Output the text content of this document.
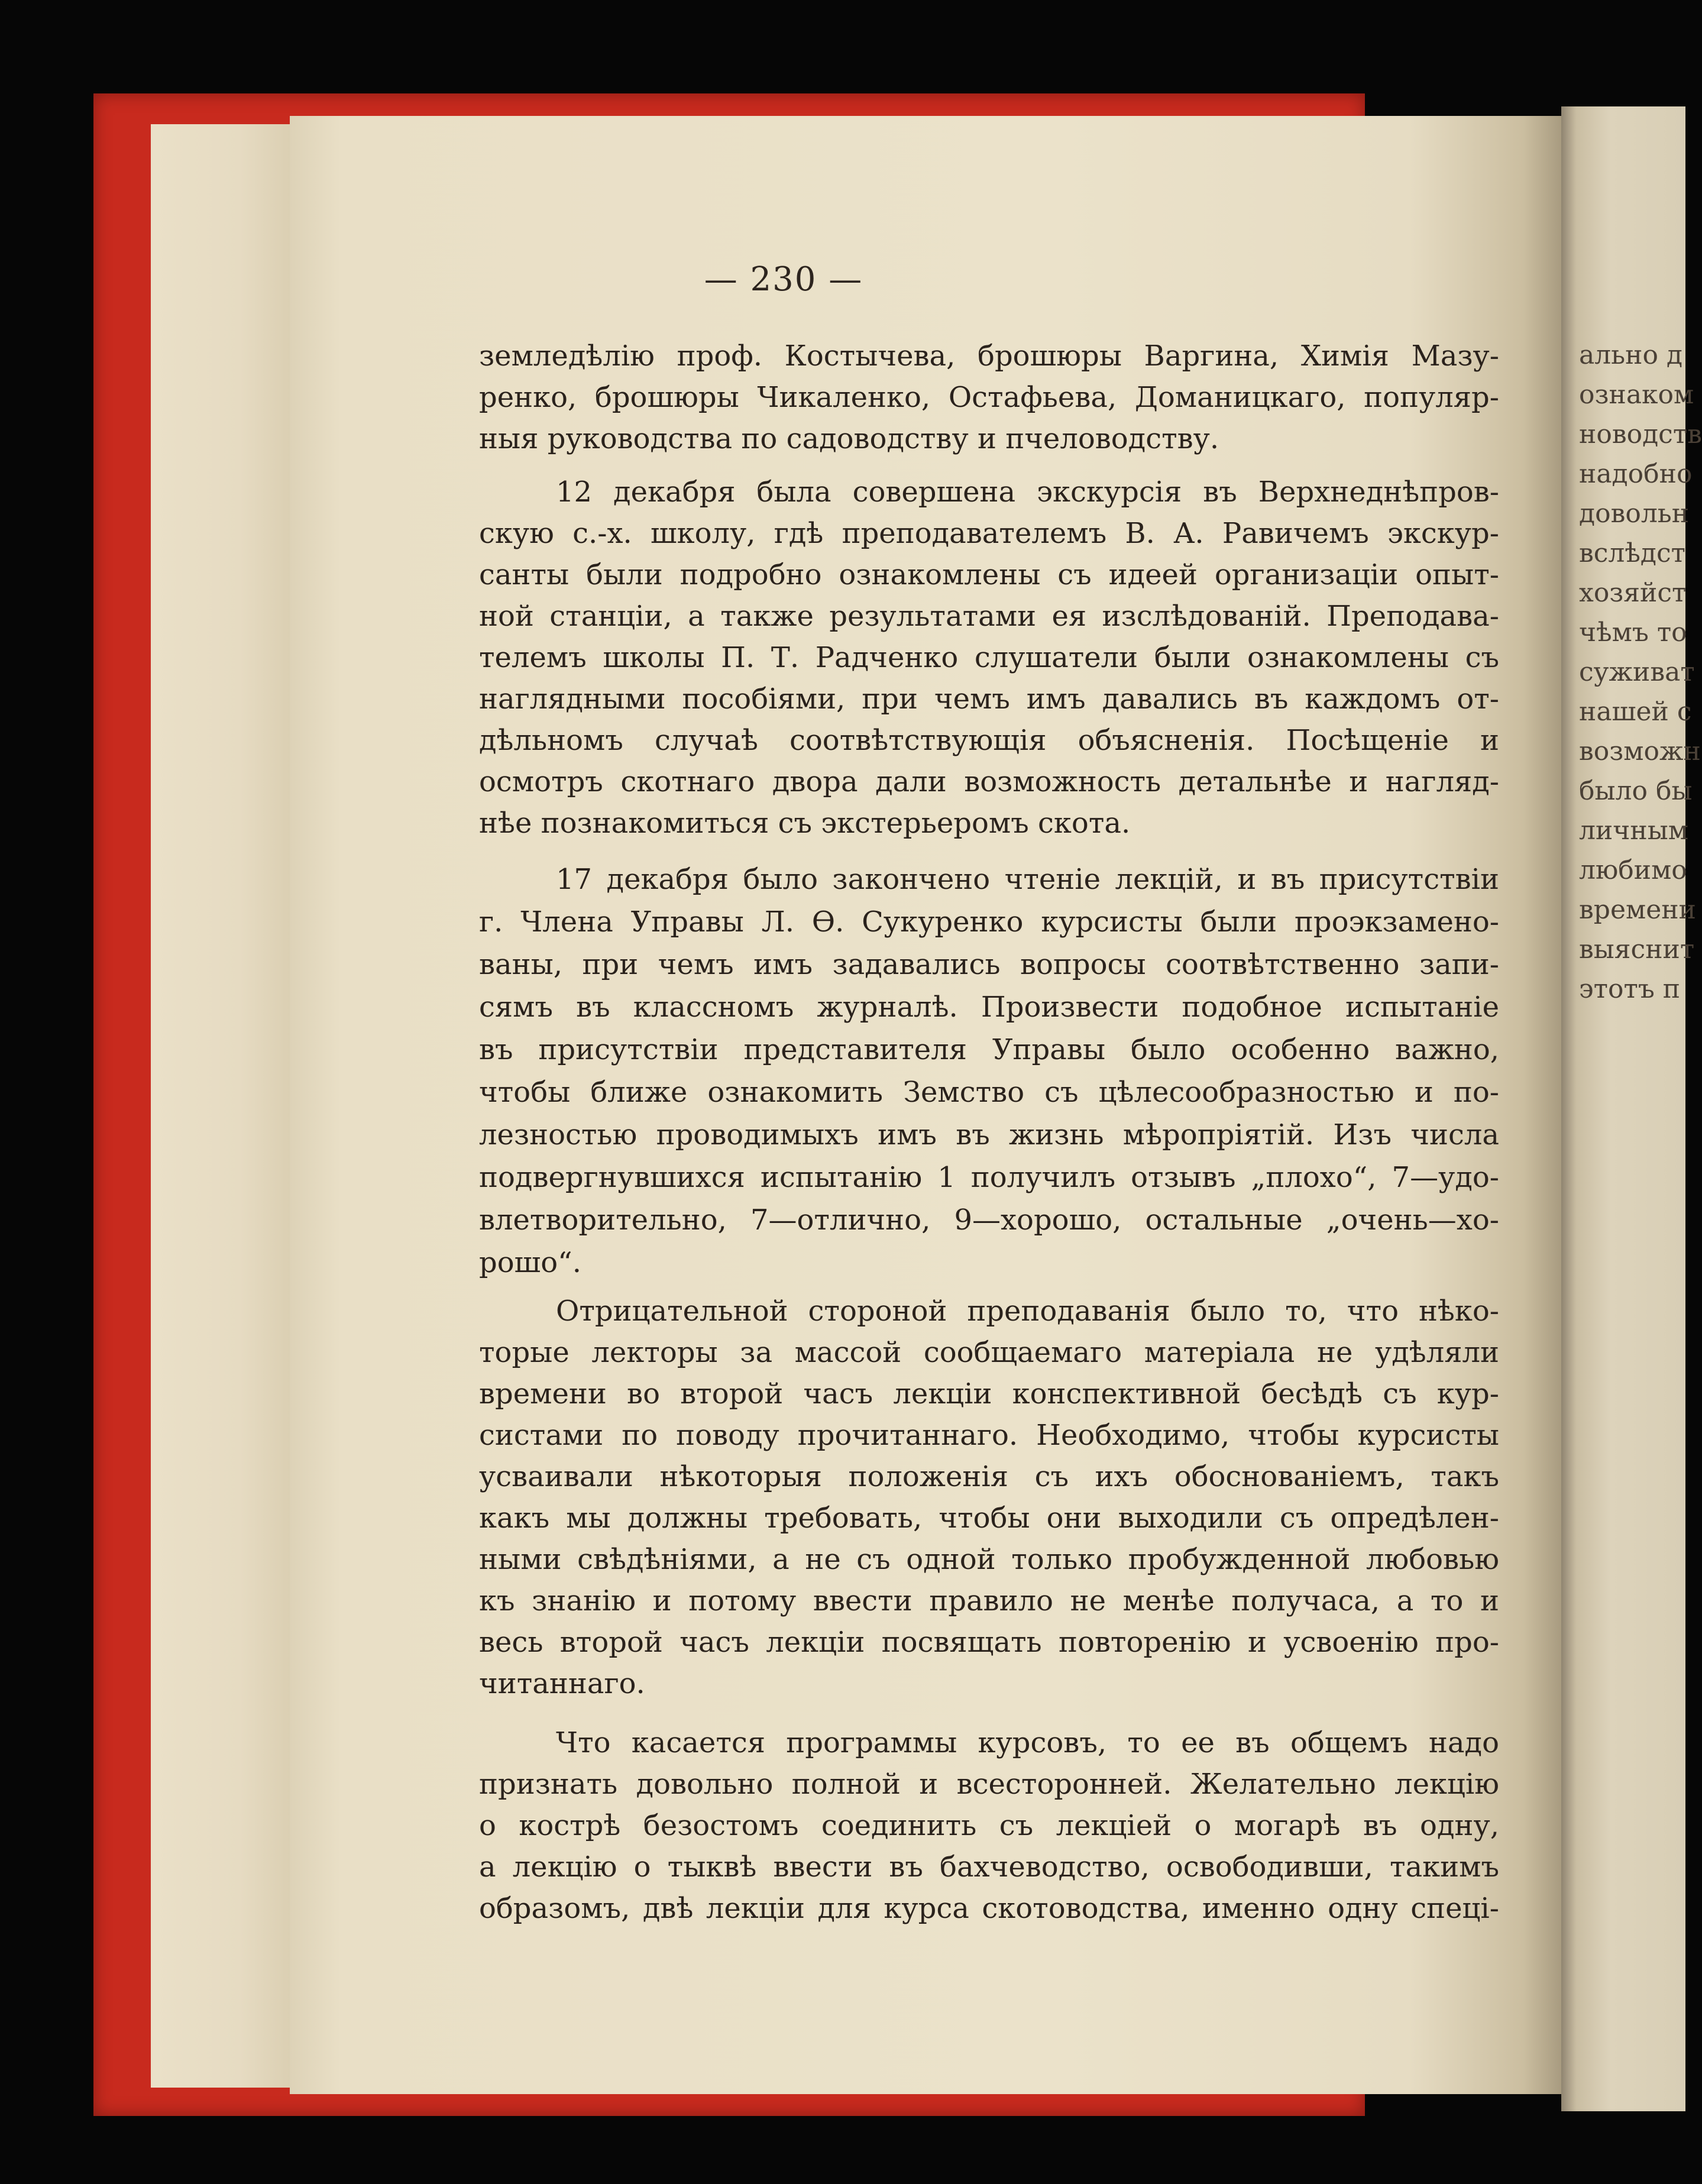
ально д
ознаком
новодств
надобно
довольн
вслѣдст
хозяйст
чѣмъ то
суживат
нашей с
возможн
было бы
личным
любимо
времени
выяснит
этотъ п
— 230 —
земледѣлію проф. Костычева, брошюры Варгина, Химія Мазу-
ренко, брошюры Чикаленко, Остафьева, Доманицкаго, популяр-
ныя руководства по садоводству и пчеловодству.
12 декабря была совершена экскурсія въ Верхнеднѣпров-
скую с.-х. школу, гдѣ преподавателемъ В. А. Равичемъ экскур-
санты были подробно ознакомлены съ идеей организаціи опыт-
ной станціи, а также результатами ея изслѣдованій. Преподава-
телемъ школы П. Т. Радченко слушатели были ознакомлены съ
наглядными пособіями, при чемъ имъ давались въ каждомъ от-
дѣльномъ случаѣ соотвѣтствующія объясненія. Посѣщеніе и
осмотръ скотнаго двора дали возможность детальнѣе и нагляд-
нѣе познакомиться съ экстерьеромъ скота.
17 декабря было закончено чтеніе лекцій, и въ присутствіи
г. Члена Управы Л. Ѳ. Сукуренко курсисты были проэкзамено-
ваны, при чемъ имъ задавались вопросы соотвѣтственно запи-
сямъ въ классномъ журналѣ. Произвести подобное испытаніе
въ присутствіи представителя Управы было особенно важно,
чтобы ближе ознакомить Земство съ цѣлесообразностью и по-
лезностью проводимыхъ имъ въ жизнь мѣропріятій. Изъ числа
подвергнувшихся испытанію 1 получилъ отзывъ „плохо“, 7—удо-
влетворительно, 7—отлично, 9—хорошо, остальные „очень—хо-
рошо“.
Отрицательной стороной преподаванія было то, что нѣко-
торые лекторы за массой сообщаемаго матеріала не удѣляли
времени во второй часъ лекціи конспективной бесѣдѣ съ кур-
систами по поводу прочитаннаго. Необходимо, чтобы курсисты
усваивали нѣкоторыя положенія съ ихъ обоснованіемъ, такъ
какъ мы должны требовать, чтобы они выходили съ опредѣлен-
ными свѣдѣніями, а не съ одной только пробужденной любовью
къ знанію и потому ввести правило не менѣе получаса, а то и
весь второй часъ лекціи посвящать повторенію и усвоенію про-
читаннаго.
Что касается программы курсовъ, то ее въ общемъ надо
признать довольно полной и всесторонней. Желательно лекцію
о кострѣ безостомъ соединить съ лекціей о могарѣ въ одну,
а лекцію о тыквѣ ввести въ бахчеводство, освободивши, такимъ
образомъ, двѣ лекціи для курса скотоводства, именно одну спеці-
